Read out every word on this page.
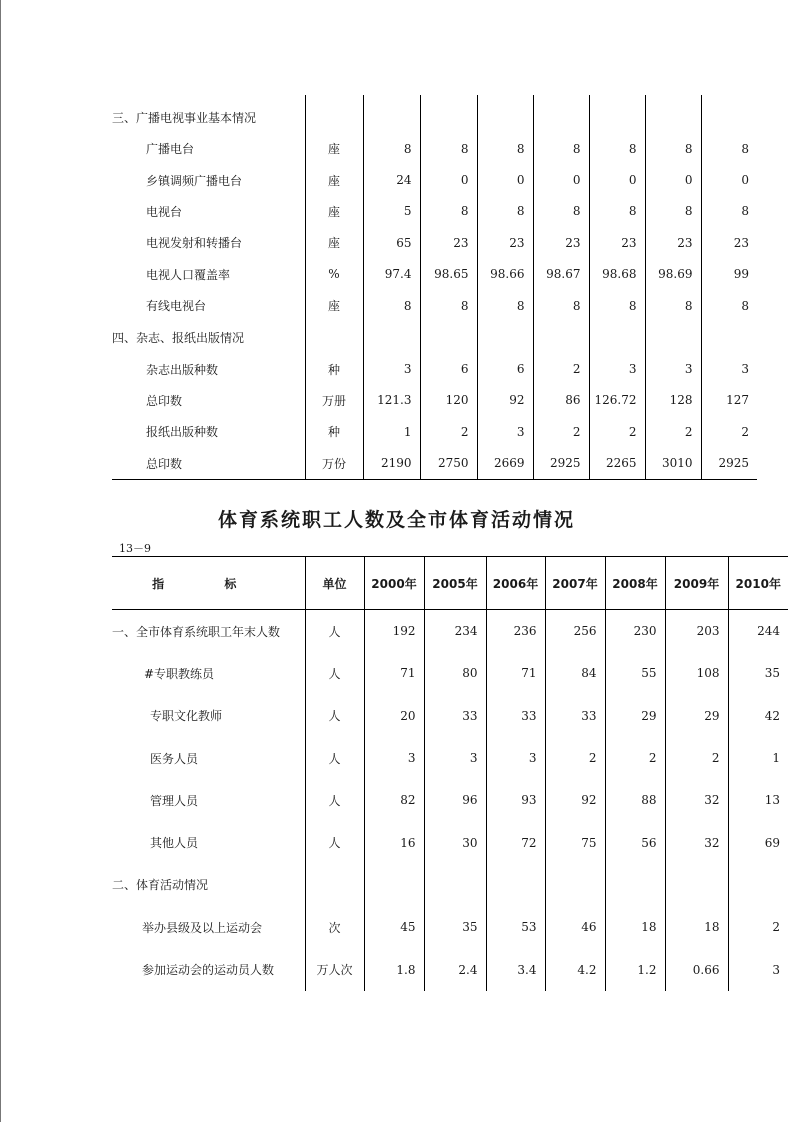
三、广播电视事业基本情况								
广播电台	座	8	8	8	8	8	8	8
乡镇调频广播电台	座	24	0	0	0	0	0	0
电视台	座	5	8	8	8	8	8	8
电视发射和转播台	座	65	23	23	23	23	23	23
电视人口覆盖率	%	97.4	98.65	98.66	98.67	98.68	98.69	99
有线电视台	座	8	8	8	8	8	8	8
四、杂志、报纸出版情况								
杂志出版种数	种	3	6	6	2	3	3	3
总印数	万册	121.3	120	92	86	126.72	128	127
报纸出版种数	种	1	2	3	2	2	2	2
总印数	万份	2190	2750	2669	2925	2265	3010	2925
体育系统职工人数及全市体育活动情况
13－9
指 标	单位	2000年	2005年	2006年	2007年	2008年	2009年	2010年
一、全市体育系统职工年末人数	人	192	234	236	256	230	203	244
#专职教练员	人	71	80	71	84	55	108	35
专职文化教师	人	20	33	33	33	29	29	42
医务人员	人	3	3	3	2	2	2	1
管理人员	人	82	96	93	92	88	32	13
其他人员	人	16	30	72	75	56	32	69
二、体育活动情况								
举办县级及以上运动会	次	45	35	53	46	18	18	2
参加运动会的运动员人数	万人次	1.8	2.4	3.4	4.2	1.2	0.66	3
